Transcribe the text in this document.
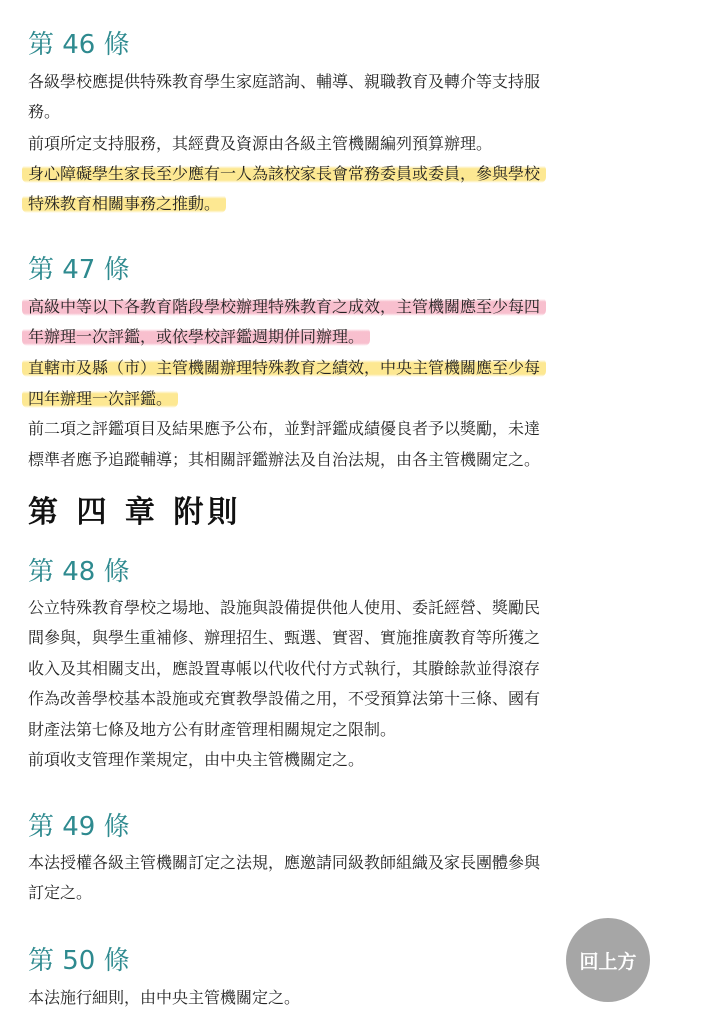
第 46 條

各級學校應提供特殊教育學生家庭諮詢、輔導、親職教育及轉介等支持服

務。

前項所定支持服務，其經費及資源由各級主管機關編列預算辦理。

身心障礙學生家長至少應有一人為該校家長會常務委員或委員，參與學校

特殊教育相關事務之推動。

第 47 條

高級中等以下各教育階段學校辦理特殊教育之成效，主管機關應至少每四

年辦理一次評鑑，或依學校評鑑週期併同辦理。

直轄市及縣（市）主管機關辦理特殊教育之績效，中央主管機關應至少每

四年辦理一次評鑑。

前二項之評鑑項目及結果應予公布，並對評鑑成績優良者予以獎勵，未達

標準者應予追蹤輔導；其相關評鑑辦法及自治法規，由各主管機關定之。

第 四 章 附則
第 48 條

公立特殊教育學校之場地、設施與設備提供他人使用、委託經營、獎勵民

間參與，與學生重補修、辦理招生、甄選、實習、實施推廣教育等所獲之

收入及其相關支出，應設置專帳以代收代付方式執行，其賸餘款並得滾存

作為改善學校基本設施或充實教學設備之用，不受預算法第十三條、國有

財產法第七條及地方公有財產管理相關規定之限制。

前項收支管理作業規定，由中央主管機關定之。

第 49 條

本法授權各級主管機關訂定之法規，應邀請同級教師組織及家長團體參與

訂定之。

第 50 條

本法施行細則，由中央主管機關定之。

回上方
